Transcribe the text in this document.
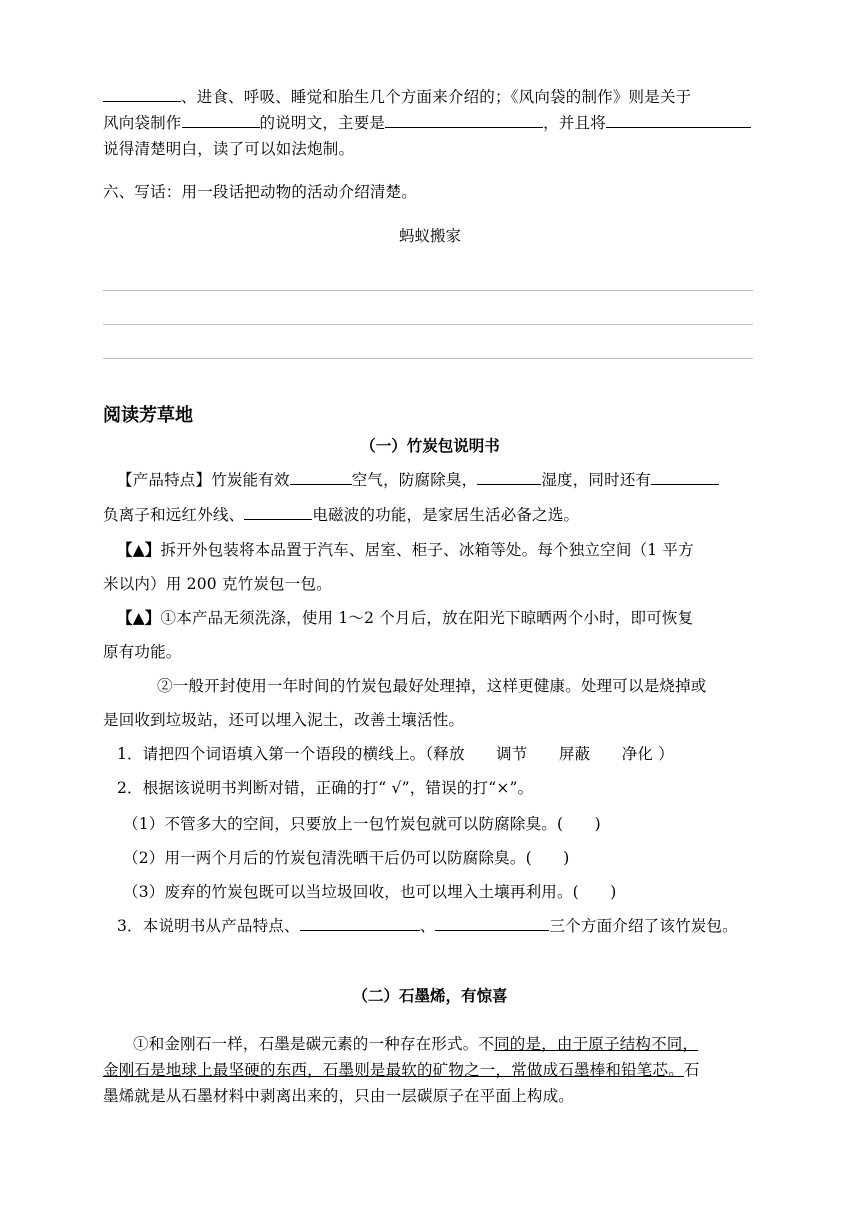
、进食、呼吸、睡觉和胎生几个方面来介绍的；《风向袋的制作》则是关于
风向袋制作	的说明文，主要是	，并且将
说得清楚明白，读了可以如法炮制。
六、写话：用一段话把动物的活动介绍清楚。
蚂蚁搬家
阅读芳草地
（一）竹炭包说明书
【产品特点】竹炭能有效	空气，防腐除臭，	湿度，同时还有
负离子和远红外线、	电磁波的功能，是家居生活必备之选。
【▲】拆开外包装将本品置于汽车、居室、柜子、冰箱等处。每个独立空间（1 平方
米以内）用 200 克竹炭包一包。
【▲】①本产品无须洗涤，使用 1～2 个月后，放在阳光下晾晒两个小时，即可恢复
原有功能。
②一般开封使用一年时间的竹炭包最好处理掉，这样更健康。处理可以是烧掉或
是回收到垃圾站，还可以埋入泥土，改善土壤活性。
1．请把四个词语填入第一个语段的横线上。（释放　　调节　　屏蔽　　净化 ）
2．根据该说明书判断对错，正确的打“ √”，错误的打“×”。
（1）不管多大的空间，只要放上一包竹炭包就可以防腐除臭。(　　)
（2）用一两个月后的竹炭包清洗晒干后仍可以防腐除臭。(　　)
（3）废弃的竹炭包既可以当垃圾回收，也可以埋入土壤再利用。(　　)
3．本说明书从产品特点、	、	三个方面介绍了该竹炭包。
（二）石墨烯，有惊喜
①和金刚石一样，石墨是碳元素的一种存在形式。不同的是，由于原子结构不同，
金刚石是地球上最坚硬的东西，石墨则是最软的矿物之一，常做成石墨棒和铅笔芯。石
墨烯就是从石墨材料中剥离出来的，只由一层碳原子在平面上构成。
